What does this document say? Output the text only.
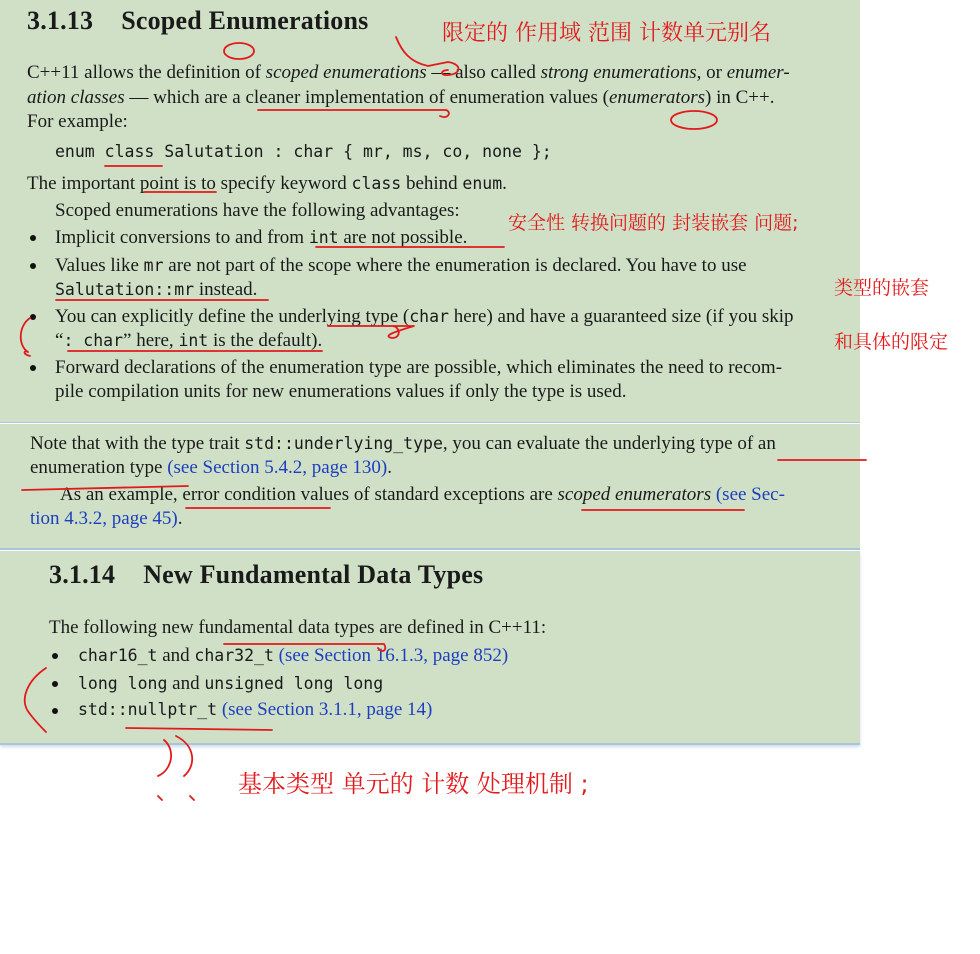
3.1.13 Scoped Enumerations
C++11 allows the definition of scoped enumerations — also called strong enumerations, or enumer-
ation classes — which are a cleaner implementation of enumeration values (enumerators) in C++.
For example:
enum class Salutation : char { mr, ms, co, none };
The important point is to specify keyword class behind enum.
Scoped enumerations have the following advantages:
Implicit conversions to and from int are not possible.
Values like mr are not part of the scope where the enumeration is declared. You have to use
Salutation::mr instead.
You can explicitly define the underlying type (char here) and have a guaranteed size (if you skip
“: char” here, int is the default).
Forward declarations of the enumeration type are possible, which eliminates the need to recom-
pile compilation units for new enumerations values if only the type is used.
Note that with the type trait std::underlying_type, you can evaluate the underlying type of an
enumeration type (see Section 5.4.2, page 130).
As an example, error condition values of standard exceptions are scoped enumerators (see Sec-
tion 4.3.2, page 45).
3.1.14 New Fundamental Data Types
The following new fundamental data types are defined in C++11:
char16_t and char32_t (see Section 16.1.3, page 852)
long long and unsigned long long
std::nullptr_t (see Section 3.1.1, page 14)
限定的 作用域 范围 计数单元别名
安全性 转换问题的 封装嵌套 问题;
类型的嵌套
和具体的限定
基本类型 单元的 计数 处理机制 ;
